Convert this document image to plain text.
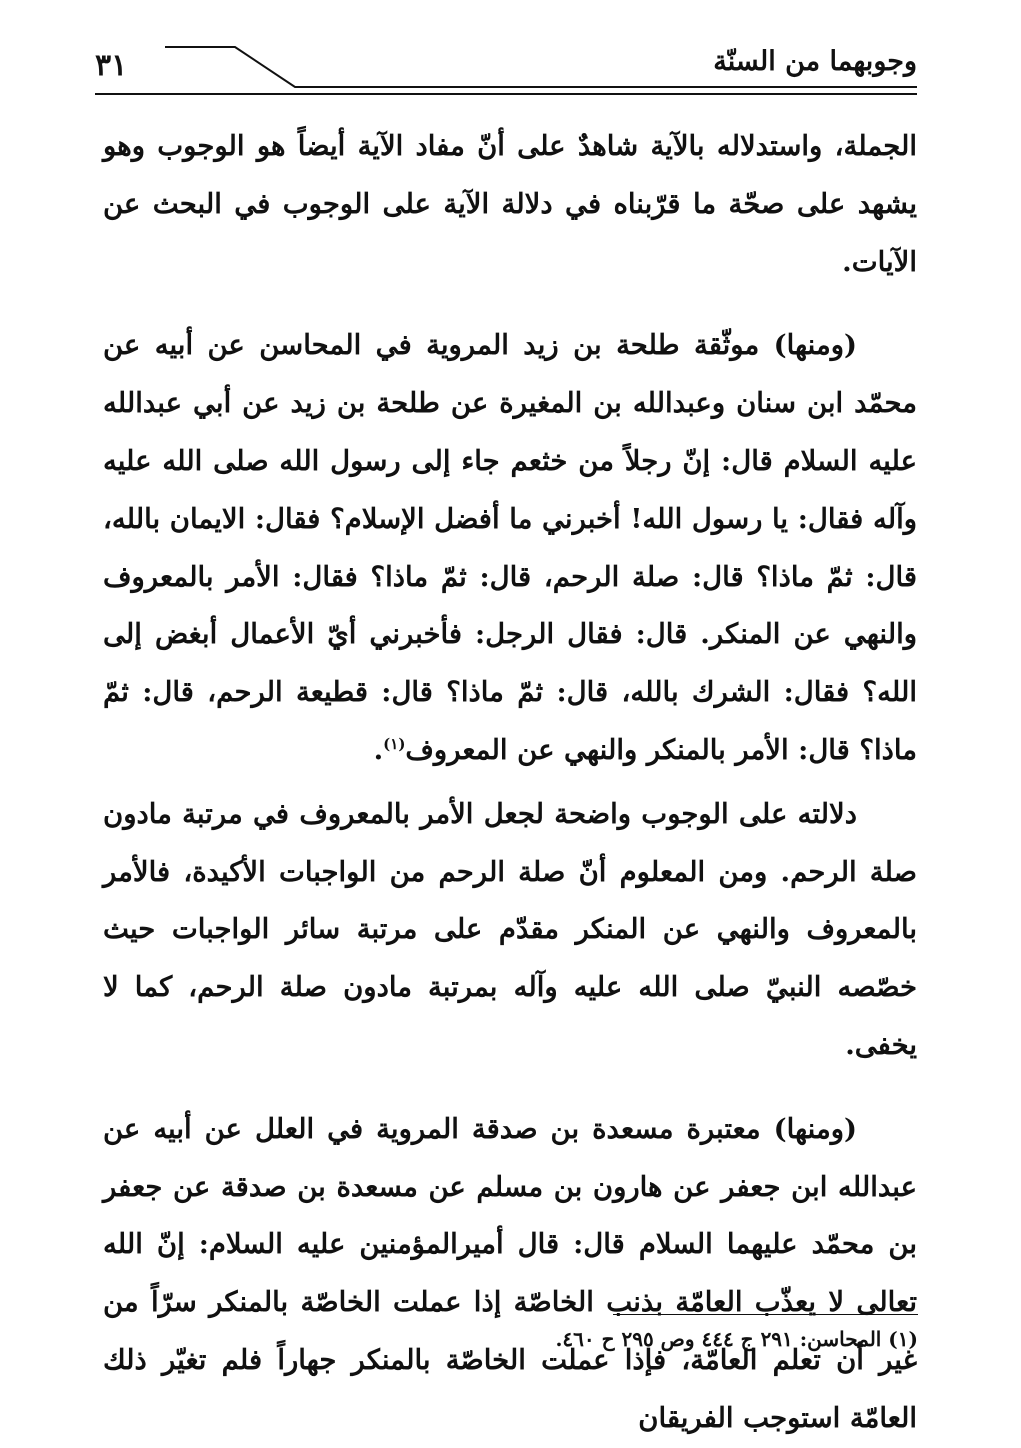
٣١	وجوبهما من السنّة

الجملة، واستدلاله بالآية شاهدٌ على أنّ مفاد الآية أيضاً هو الوجوب وهو يشهد على صحّة ما قرّبناه في دلالة الآية على الوجوب في البحث عن الآيات.

(ومنها) موثّقة طلحة بن زيد المروية في المحاسن عن أبيه عن محمّد ابن سنان وعبدالله بن المغيرة عن طلحة بن زيد عن أبي عبدالله عليه السلام قال: إنّ رجلاً من خثعم جاء إلى رسول الله صلى الله عليه وآله فقال: يا رسول الله! أخبرني ما أفضل الإسلام؟ فقال: الايمان بالله، قال: ثمّ ماذا؟ قال: صلة الرحم، قال: ثمّ ماذا؟ فقال: الأمر بالمعروف والنهي عن المنكر. قال: فقال الرجل: فأخبرني أيّ الأعمال أبغض إلى الله؟ فقال: الشرك بالله، قال: ثمّ ماذا؟ قال: قطيعة الرحم، قال: ثمّ ماذا؟ قال: الأمر بالمنكر والنهي عن المعروف$^{(١)}$.

دلالته على الوجوب واضحة لجعل الأمر بالمعروف في مرتبة مادون صلة الرحم. ومن المعلوم أنّ صلة الرحم من الواجبات الأكيدة، فالأمر بالمعروف والنهي عن المنكر مقدّم على مرتبة سائر الواجبات حيث خصّصه النبيّ صلى الله عليه وآله بمرتبة مادون صلة الرحم، كما لا يخفى.

(ومنها) معتبرة مسعدة بن صدقة المروية في العلل عن أبيه عن عبدالله ابن جعفر عن هارون بن مسلم عن مسعدة بن صدقة عن جعفر بن محمّد عليهما السلام قال: قال أميرالمؤمنين عليه السلام: إنّ الله تعالى لا يعذّب العامّة بذنب الخاصّة إذا عملت الخاصّة بالمنكر سرّاً من غير أن تعلم العامّة، فإذا عملت الخاصّة بالمنكر جهاراً فلم تغيّر ذلك العامّة استوجب الفريقان

(١) المحاسن: ٢٩١ ج ٤٤٤ وص ٢٩٥ ح ٤٦٠.
